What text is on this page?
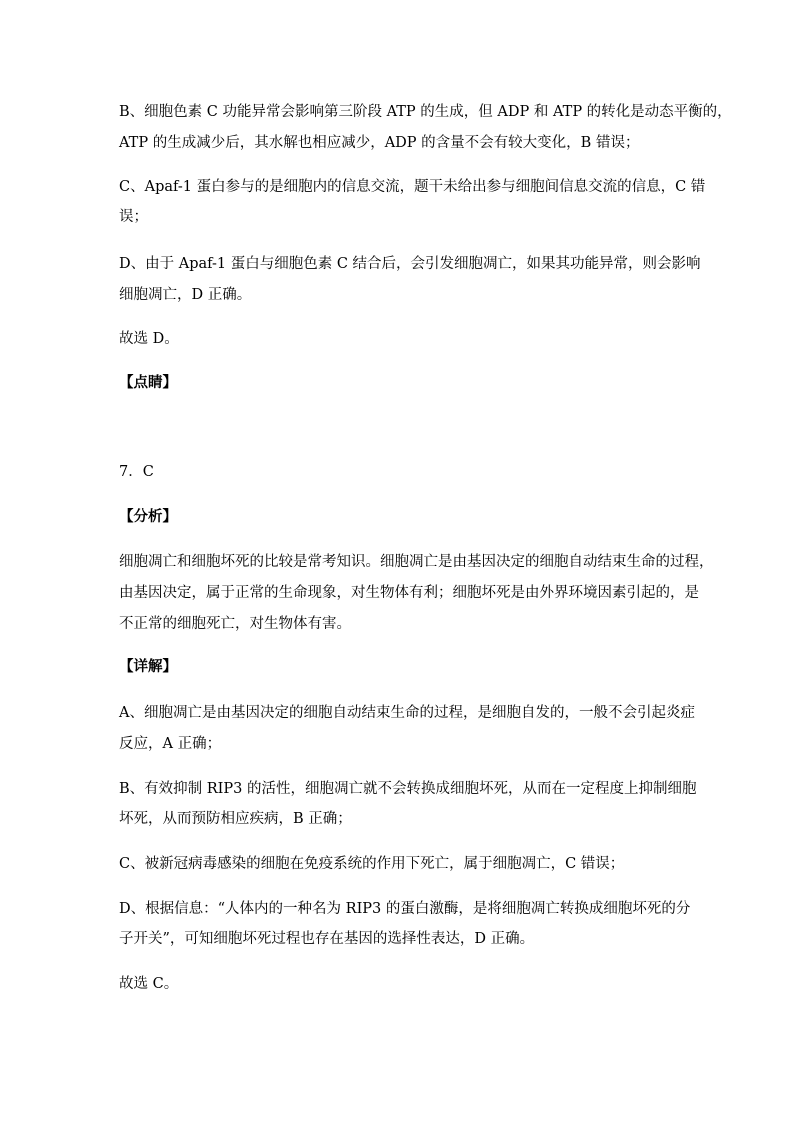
B、细胞色素 C 功能异常会影响第三阶段 ATP 的生成，但 ADP 和 ATP 的转化是动态平衡的，

ATP 的生成减少后，其水解也相应减少，ADP 的含量不会有较大变化，B 错误；

C、Apaf-1 蛋白参与的是细胞内的信息交流，题干未给出参与细胞间信息交流的信息，C 错

误；

D、由于 Apaf-1 蛋白与细胞色素 C 结合后，会引发细胞凋亡，如果其功能异常，则会影响

细胞凋亡，D 正确。

故选 D。

【点睛】

7．C

【分析】

细胞凋亡和细胞坏死的比较是常考知识。细胞凋亡是由基因决定的细胞自动结束生命的过程，

由基因决定，属于正常的生命现象，对生物体有利；细胞坏死是由外界环境因素引起的，是

不正常的细胞死亡，对生物体有害。

【详解】

A、细胞凋亡是由基因决定的细胞自动结束生命的过程，是细胞自发的，一般不会引起炎症

反应，A 正确；

B、有效抑制 RIP3 的活性，细胞凋亡就不会转换成细胞坏死，从而在一定程度上抑制细胞

坏死，从而预防相应疾病，B 正确；

C、被新冠病毒感染的细胞在免疫系统的作用下死亡，属于细胞凋亡，C 错误；

D、根据信息：“人体内的一种名为 RIP3 的蛋白激酶，是将细胞凋亡转换成细胞坏死的分

子开关”，可知细胞坏死过程也存在基因的选择性表达，D 正确。

故选 C。
